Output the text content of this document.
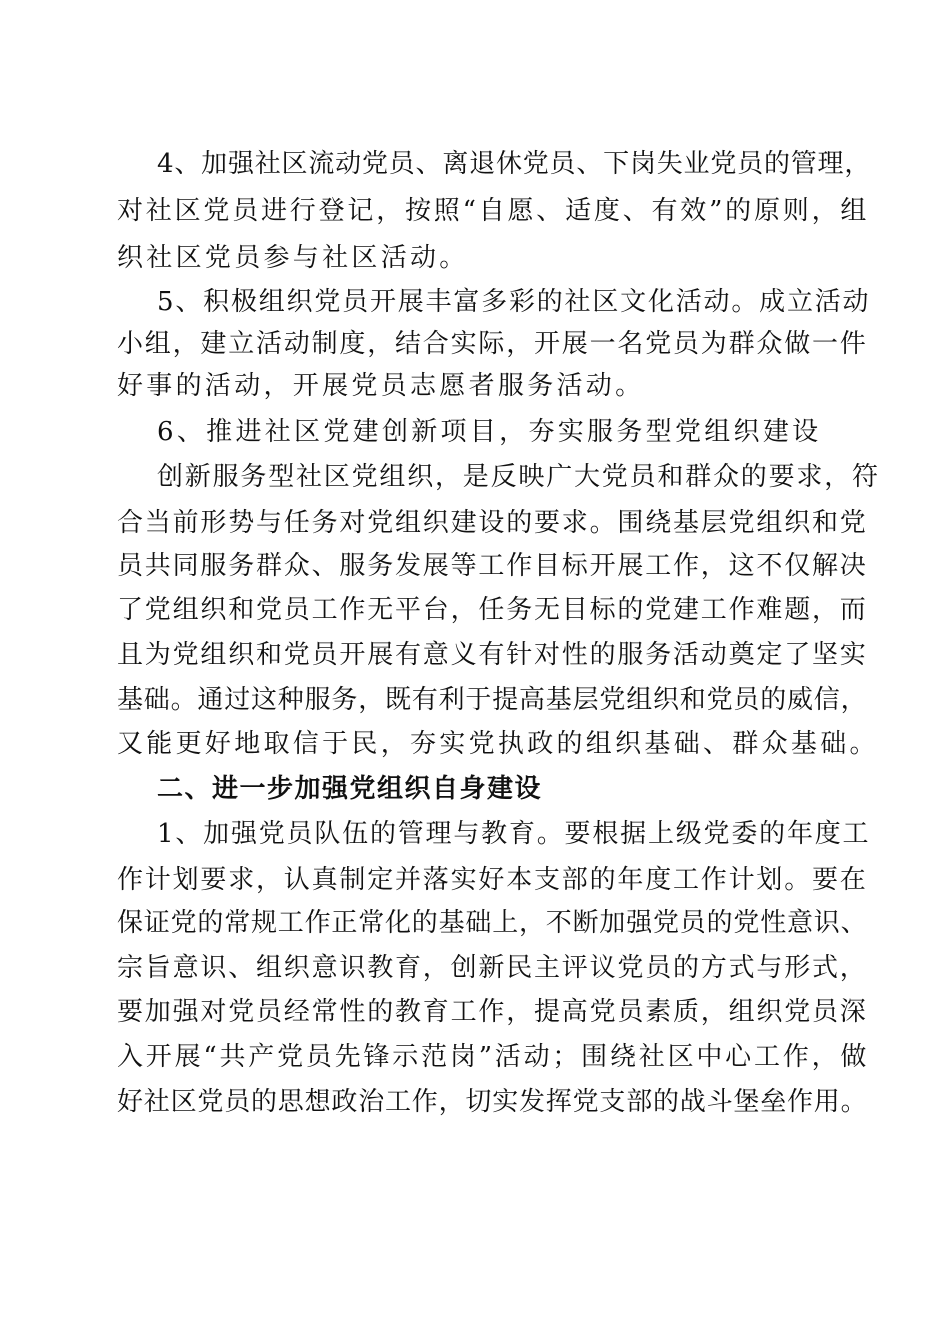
4、加强社区流动党员、离退休党员、下岗失业党员的管理，
对社区党员进行登记，按照“自愿、适度、有效”的原则，组
织社区党员参与社区活动。
5、积极组织党员开展丰富多彩的社区文化活动。成立活动
小组，建立活动制度，结合实际，开展一名党员为群众做一件
好事的活动，开展党员志愿者服务活动。
6、推进社区党建创新项目，夯实服务型党组织建设
创新服务型社区党组织，是反映广大党员和群众的要求，符
合当前形势与任务对党组织建设的要求。围绕基层党组织和党
员共同服务群众、服务发展等工作目标开展工作，这不仅解决
了党组织和党员工作无平台，任务无目标的党建工作难题，而
且为党组织和党员开展有意义有针对性的服务活动奠定了坚实
基础。通过这种服务，既有利于提高基层党组织和党员的威信，
又能更好地取信于民，夯实党执政的组织基础、群众基础。
二、进一步加强党组织自身建设
1、加强党员队伍的管理与教育。要根据上级党委的年度工
作计划要求，认真制定并落实好本支部的年度工作计划。要在
保证党的常规工作正常化的基础上，不断加强党员的党性意识、
宗旨意识、组织意识教育，创新民主评议党员的方式与形式，
要加强对党员经常性的教育工作，提高党员素质，组织党员深
入开展“共产党员先锋示范岗”活动；围绕社区中心工作，做
好社区党员的思想政治工作，切实发挥党支部的战斗堡垒作用。
